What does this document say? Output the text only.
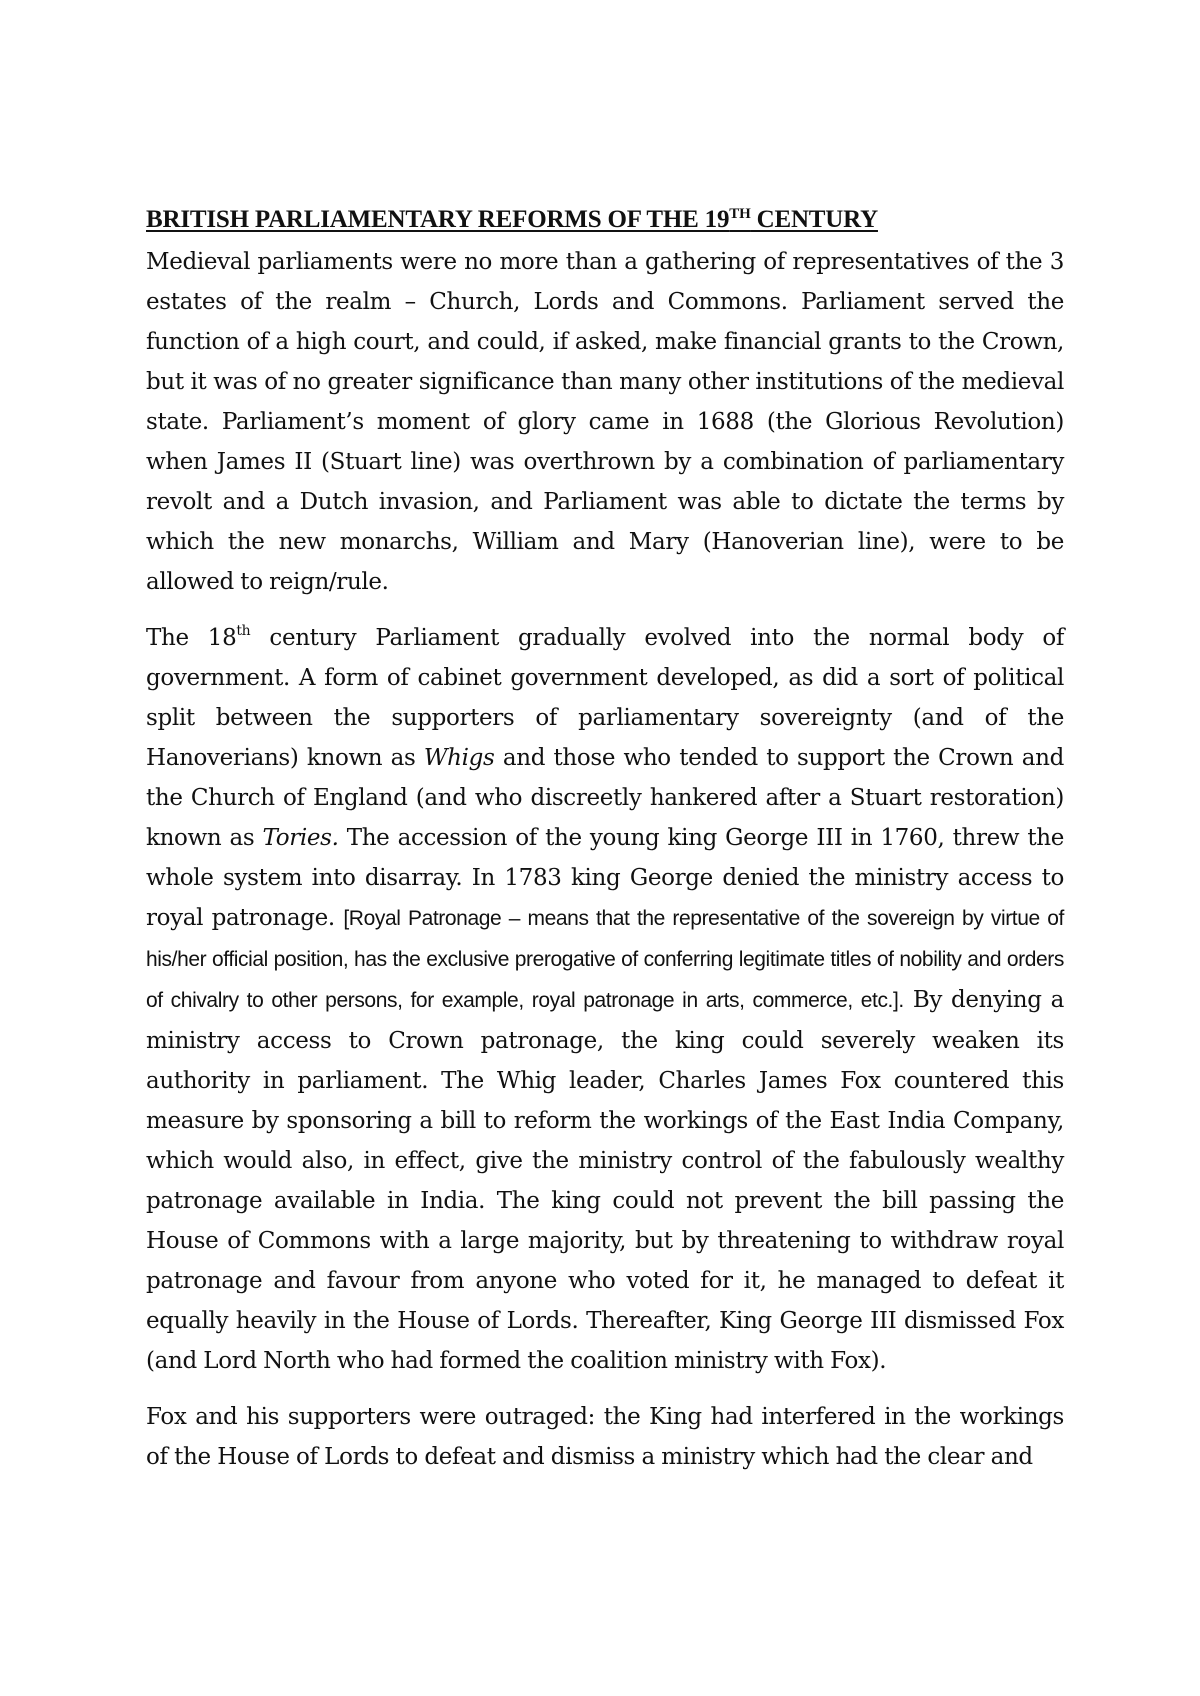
BRITISH PARLIAMENTARY REFORMS OF THE 19TH CENTURY

Medieval parliaments were no more than a gathering of representatives of the 3 estates of the realm – Church, Lords and Commons. Parliament served the function of a high court, and could, if asked, make financial grants to the Crown, but it was of no greater significance than many other institutions of the medieval state. Parliament’s moment of glory came in 1688 (the Glorious Revolution) when James II (Stuart line) was overthrown by a combination of parliamentary revolt and a Dutch invasion, and Parliament was able to dictate the terms by which the new monarchs, William and Mary (Hanoverian line), were to be allowed to reign/rule.

The 18th century Parliament gradually evolved into the normal body of government. A form of cabinet government developed, as did a sort of political split between the supporters of parliamentary sovereignty (and of the Hanoverians) known as Whigs and those who tended to support the Crown and the Church of England (and who discreetly hankered after a Stuart restoration) known as Tories. The accession of the young king George III in 1760, threw the whole system into disarray. In 1783 king George denied the ministry access to royal patronage. [Royal Patronage – means that the representative of the sovereign by virtue of his/her official position, has the exclusive prerogative of conferring legitimate titles of nobility and orders of chivalry to other persons, for example, royal patronage in arts, commerce, etc.]. By denying a ministry access to Crown patronage, the king could severely weaken its authority in parliament. The Whig leader, Charles James Fox countered this measure by sponsoring a bill to reform the workings of the East India Company, which would also, in effect, give the ministry control of the fabulously wealthy patronage available in India. The king could not prevent the bill passing the House of Commons with a large majority, but by threatening to withdraw royal patronage and favour from anyone who voted for it, he managed to defeat it equally heavily in the House of Lords. Thereafter, King George III dismissed Fox (and Lord North who had formed the coalition ministry with Fox).

Fox and his supporters were outraged: the King had interfered in the workings of the House of Lords to defeat and dismiss a ministry which had the clear and
